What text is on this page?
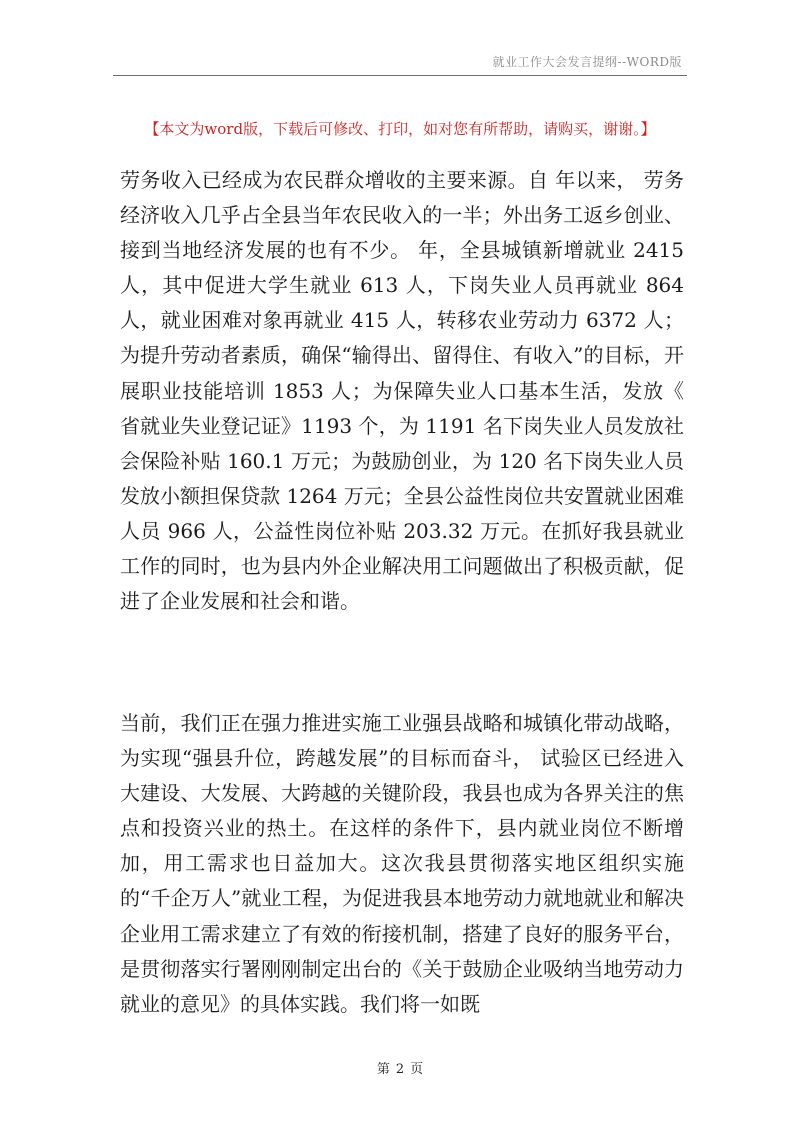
就业工作大会发言提纲--WORD版
【本文为word版，下载后可修改、打印，如对您有所帮助，请购买，谢谢。】

劳务收入已经成为农民群众增收的主要来源。自 年以来， 劳务经济收入几乎占全县当年农民收入的一半；外出务工返乡创业、接到当地经济发展的也有不少。 年，全县城镇新增就业 2415 人，其中促进大学生就业 613 人，下岗失业人员再就业 864 人，就业困难对象再就业 415 人，转移农业劳动力 6372 人；为提升劳动者素质，确保“输得出、留得住、有收入”的目标，开展职业技能培训 1853 人；为保障失业人口基本生活，发放《 省就业失业登记证》1193 个，为 1191 名下岗失业人员发放社会保险补贴 160.1 万元；为鼓励创业，为 120 名下岗失业人员发放小额担保贷款 1264 万元；全县公益性岗位共安置就业困难人员 966 人，公益性岗位补贴 203.32 万元。在抓好我县就业工作的同时，也为县内外企业解决用工问题做出了积极贡献，促进了企业发展和社会和谐。

当前，我们正在强力推进实施工业强县战略和城镇化带动战略，为实现“强县升位，跨越发展”的目标而奋斗， 试验区已经进入大建设、大发展、大跨越的关键阶段，我县也成为各界关注的焦点和投资兴业的热土。在这样的条件下，县内就业岗位不断增加，用工需求也日益加大。这次我县贯彻落实地区组织实施的“千企万人”就业工程，为促进我县本地劳动力就地就业和解决企业用工需求建立了有效的衔接机制，搭建了良好的服务平台，是贯彻落实行署刚刚制定出台的《关于鼓励企业吸纳当地劳动力就业的意见》的具体实践。我们将一如既

第 2 页
